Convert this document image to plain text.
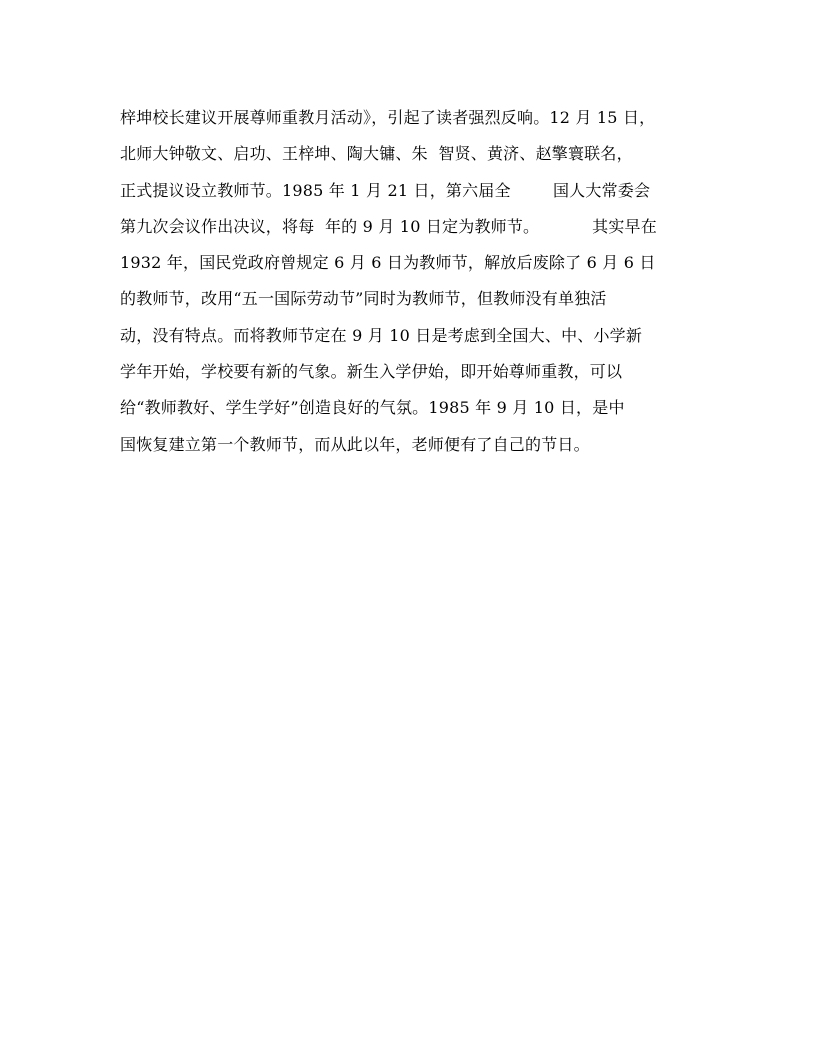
梓坤校长建议开展尊师重教月活动》，引起了读者强烈反响。12 月 15 日，
北师大钟敬文、启功、王梓坤、陶大镛、朱  智贤、黄济、赵擎寰联名，
正式提议设立教师节。1985 年 1 月 21 日，第六届全        国人大常委会
第九次会议作出决议，将每  年的 9 月 10 日定为教师节。          其实早在
1932 年，国民党政府曾规定 6 月 6 日为教师节，解放后废除了 6 月 6 日
的教师节，改用“五一国际劳动节”同时为教师节，但教师没有单独活
动，没有特点。而将教师节定在 9 月 10 日是考虑到全国大、中、小学新
学年开始，学校要有新的气象。新生入学伊始，即开始尊师重教，可以
给“教师教好、学生学好”创造良好的气氛。1985 年 9 月 10 日，是中
国恢复建立第一个教师节，而从此以年，老师便有了自己的节日。
